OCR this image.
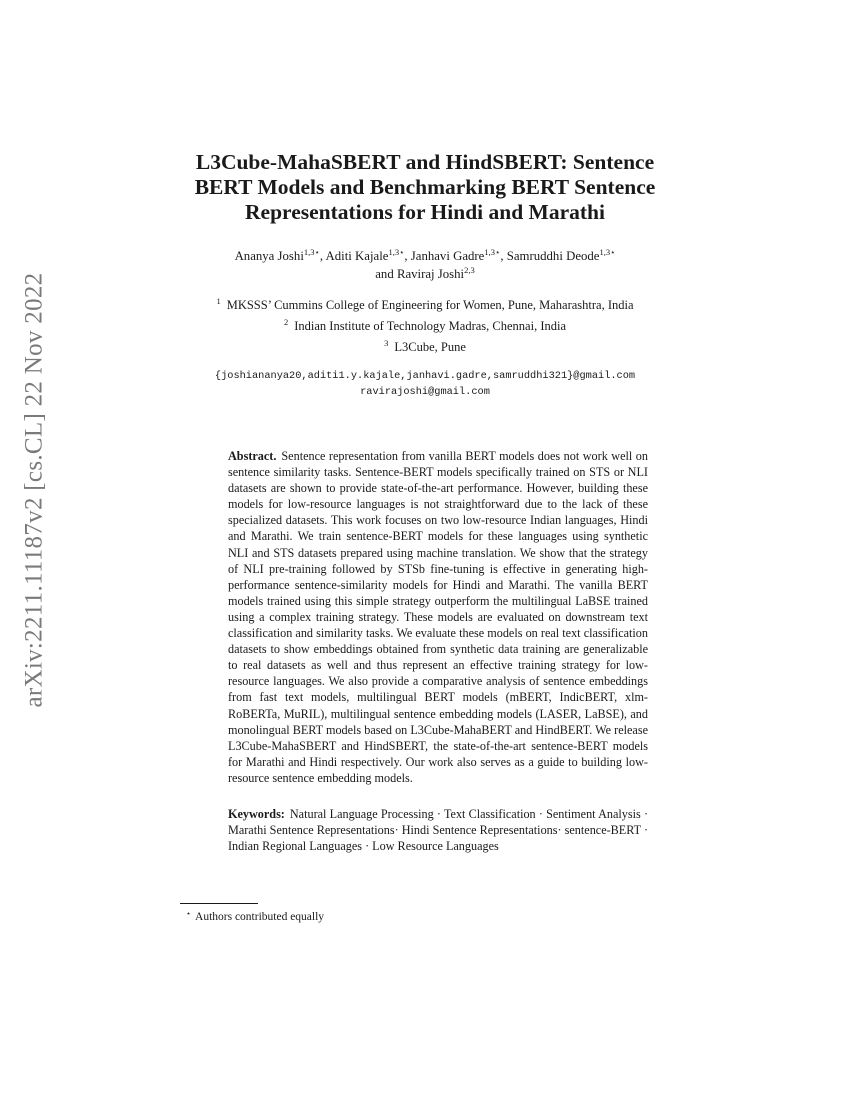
arXiv:2211.11187v2 [cs.CL] 22 Nov 2022
L3Cube-MahaSBERT and HindSBERT: Sentence
BERT Models and Benchmarking BERT Sentence
Representations for Hindi and Marathi
Ananya Joshi$^{1,3⋆}$, Aditi Kajale$^{1,3⋆}$, Janhavi Gadre$^{1,3⋆}$, Samruddhi Deode$^{1,3⋆}$
and Raviraj Joshi$^{2,3}$
$^1$ MKSSS’ Cummins College of Engineering for Women, Pune, Maharashtra, India
$^2$ Indian Institute of Technology Madras, Chennai, India
$^3$ L3Cube, Pune
{joshiananya20,aditi1.y.kajale,janhavi.gadre,samruddhi321}@gmail.com
ravirajoshi@gmail.com

Abstract. Sentence representation from vanilla BERT models does not work well on sentence similarity tasks. Sentence-BERT models specifically trained on STS or NLI datasets are shown to provide state-of-the-art performance. However, building these models for low-resource languages is not straightforward due to the lack of these specialized datasets. This work focuses on two low-resource Indian languages, Hindi and Marathi. We train sentence-BERT models for these languages using synthetic NLI and STS datasets prepared using machine translation. We show that the strategy of NLI pre-training followed by STSb fine-tuning is effective in generating high-performance sentence-similarity models for Hindi and Marathi. The vanilla BERT models trained using this simple strategy outperform the multilingual LaBSE trained using a complex training strategy. These models are evaluated on downstream text classification and similarity tasks. We evaluate these models on real text classification datasets to show embeddings obtained from synthetic data training are generalizable to real datasets as well and thus represent an effective training strategy for low-resource languages. We also provide a comparative analysis of sentence embeddings from fast text models, multilingual BERT models (mBERT, IndicBERT, xlm-RoBERTa, MuRIL), multilingual sentence embedding models (LASER, LaBSE), and monolingual BERT models based on L3Cube-MahaBERT and HindBERT. We release L3Cube-MahaSBERT and HindSBERT, the state-of-the-art sentence-BERT models for Marathi and Hindi respectively. Our work also serves as a guide to building low-resource sentence embedding models.

Keywords: Natural Language Processing · Text Classification · Sentiment Analysis · Marathi Sentence Representations· Hindi Sentence Representations· sentence-BERT · Indian Regional Languages · Low Resource Languages

⋆ Authors contributed equally
